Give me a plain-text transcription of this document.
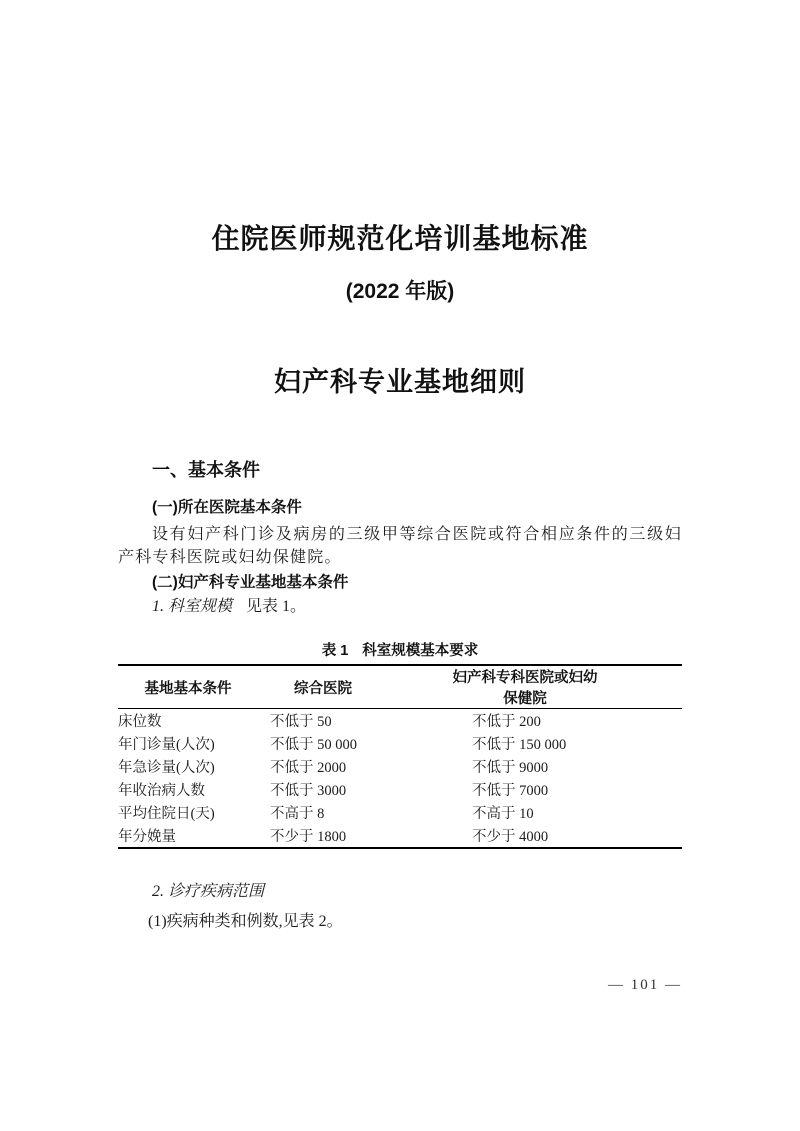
住院医师规范化培训基地标准
(2022 年版)
妇产科专业基地细则
一、基本条件
(一)所在医院基本条件

设有妇产科门诊及病房的三级甲等综合医院或符合相应条件的三级妇产科专科医院或妇幼保健院。

(二)妇产科专业基地基本条件

1. 科室规模 见表 1。

表 1 科室规模基本要求
基地基本条件	综合医院	妇产科专科医院或妇幼保健院
床位数	不低于 50	不低于 200
年门诊量(人次)	不低于 50 000	不低于 150 000
年急诊量(人次)	不低于 2000	不低于 9000
年收治病人数	不低于 3000	不低于 7000
平均住院日(天)	不高于 8	不高于 10
年分娩量	不少于 1800	不少于 4000

2. 诊疗疾病范围

(1)疾病种类和例数,见表 2。

— 101 —
